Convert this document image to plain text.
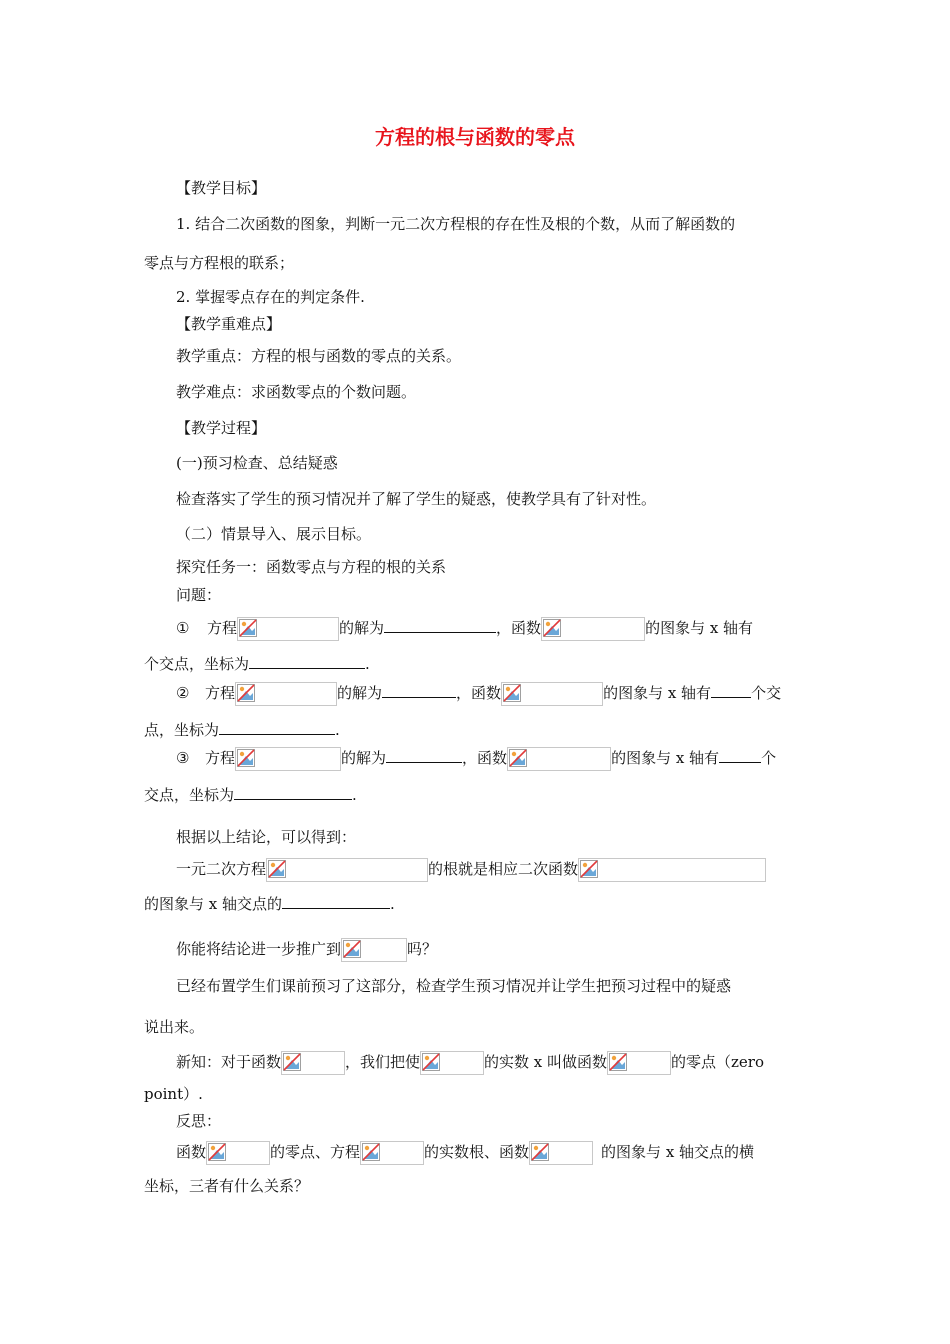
方程的根与函数的零点
【教学目标】
1. 结合二次函数的图象，判断一元二次方程根的存在性及根的个数，从而了解函数的
零点与方程根的联系；
2. 掌握零点存在的判定条件.
【教学重难点】
教学重点：方程的根与函数的零点的关系。
教学难点：求函数零点的个数问题。
【教学过程】
(一)预习检查、总结疑惑
检查落实了学生的预习情况并了解了学生的疑惑，使教学具有了针对性。
（二）情景导入、展示目标。
探究任务一：函数零点与方程的根的关系
问题：
① 方程	的解为	，函数	的图象与 x 轴有
个交点，坐标为	.
② 方程	的解为	，函数	的图象与 x 轴有	个交
点，坐标为	.
③ 方程	的解为	，函数	的图象与 x 轴有	个
交点，坐标为	.
根据以上结论，可以得到：
一元二次方程	的根就是相应二次函数
的图象与 x 轴交点的	.
你能将结论进一步推广到	吗？
已经布置学生们课前预习了这部分，检查学生预习情况并让学生把预习过程中的疑惑
说出来。
新知：对于函数	，我们把使	的实数 x 叫做函数	的零点（zero
point）.
反思：
函数	的零点、方程	的实数根、函数	的图象与 x 轴交点的横
坐标，三者有什么关系？
